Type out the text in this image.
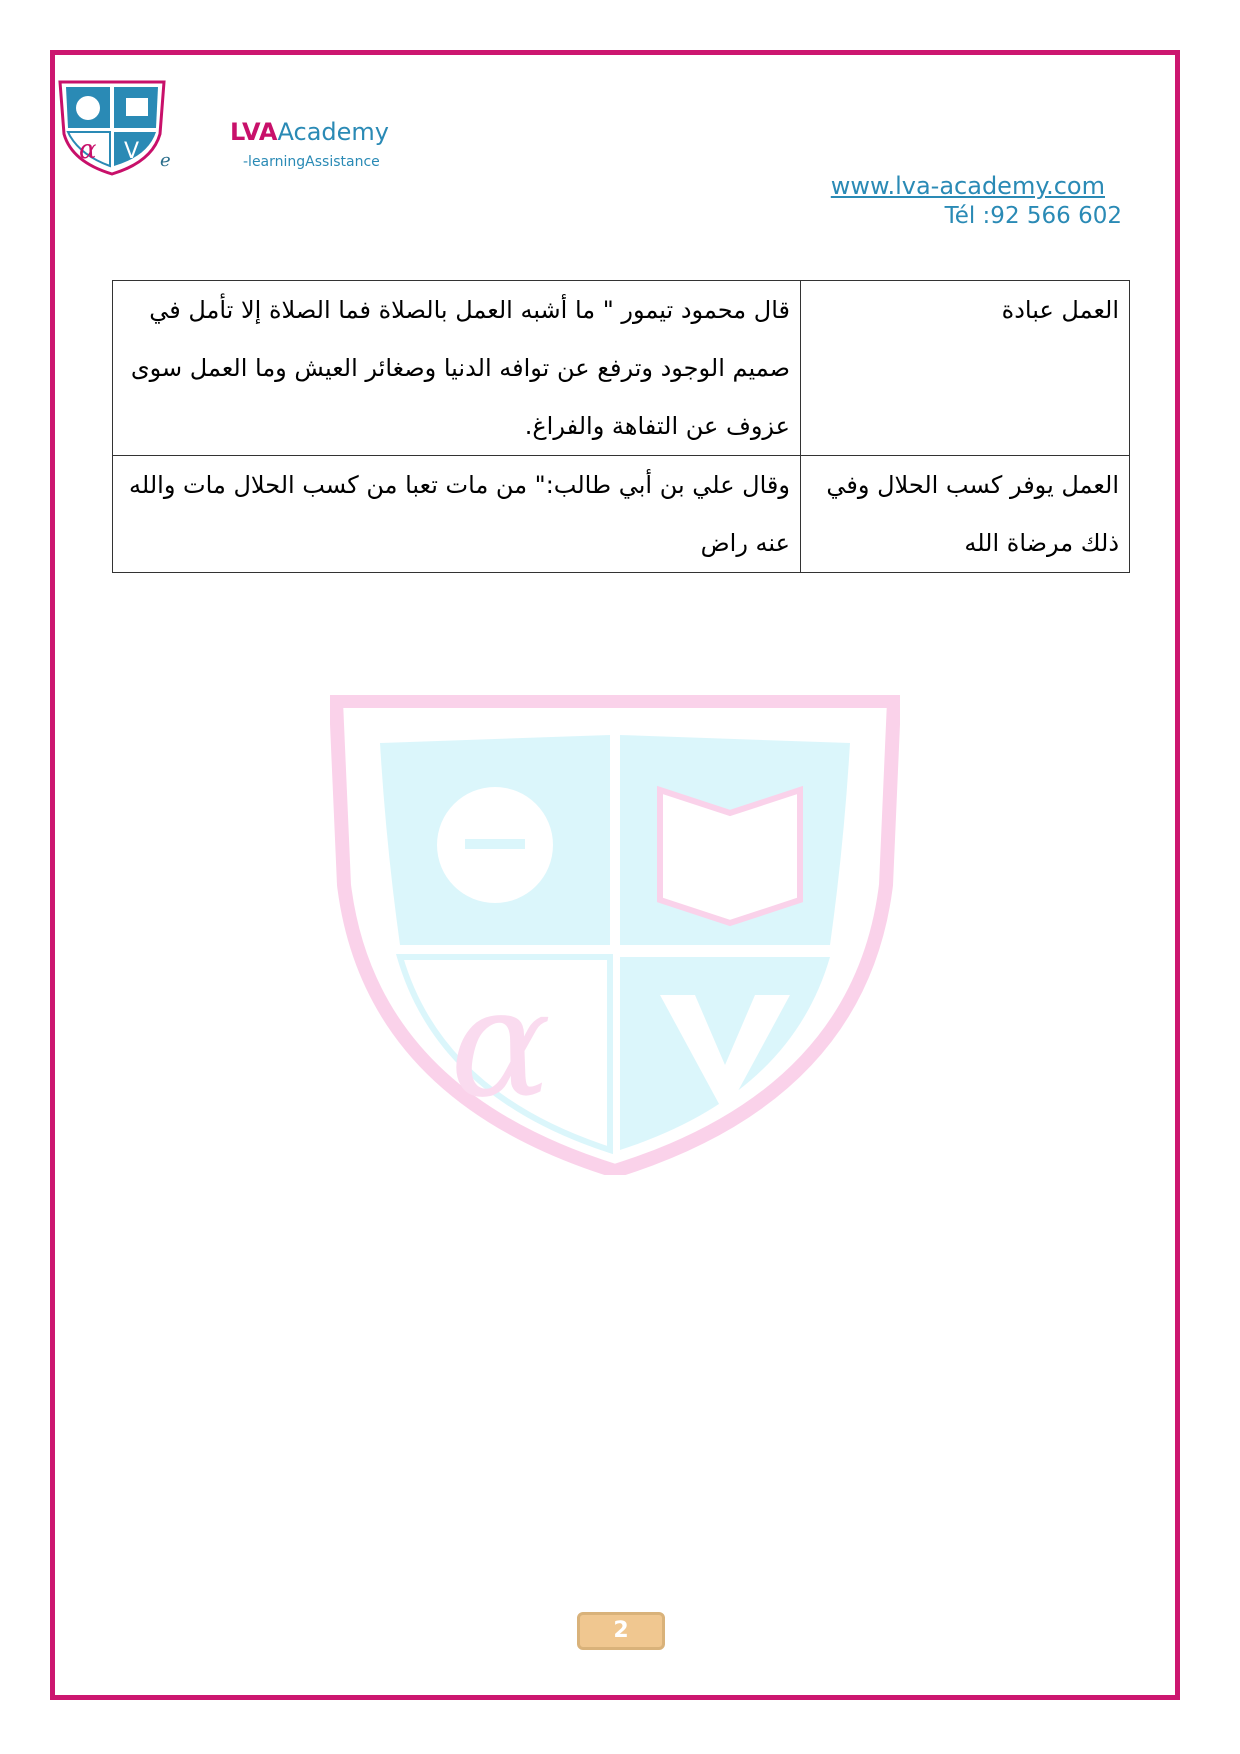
α V e
LVAAcademy
-learningAssistance
www.lva-academy.com
Tél :92 566 602
العمل عبادة	قال محمود تيمور " ما أشبه العمل بالصلاة فما الصلاة إلا تأمل في صميم الوجود وترفع عن توافه الدنيا وصغائر العيش وما العمل سوى عزوف عن التفاهة والفراغ.
العمل يوفر كسب الحلال وفي ذلك مرضاة الله	وقال علي بن أبي طالب:" من مات تعبا من كسب الحلال مات والله عنه راض
α
2
